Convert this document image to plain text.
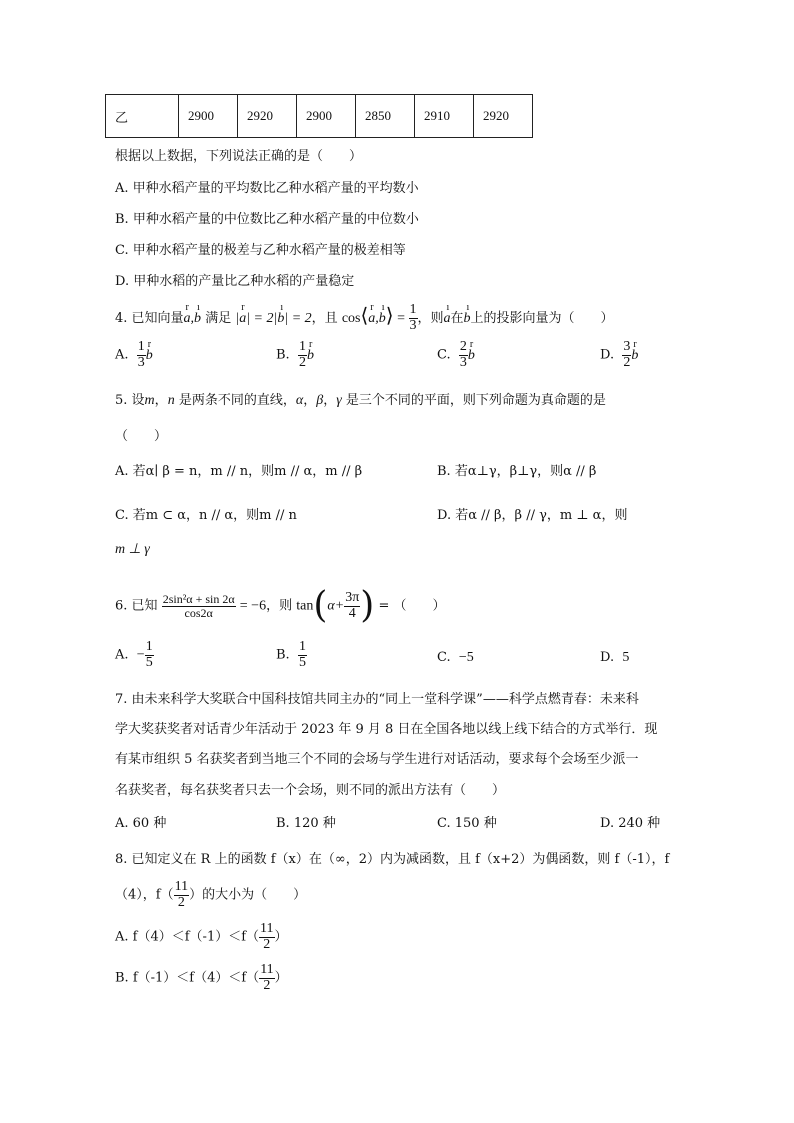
乙	2900	2920	2900	2850	2910	2920
根据以上数据，下列说法正确的是（　　）
A. 甲种水稻产量的平均数比乙种水稻产量的平均数小
B. 甲种水稻产量的中位数比乙种水稻产量的中位数小
C. 甲种水稻产量的极差与乙种水稻产量的极差相等
D. 甲种水稻的产量比乙种水稻的产量稳定
4. 已知向量r a,ı b 满足 |r a| = 2|ı b| = 2，且 cos⟨r a,ı b⟩ = $\frac{1}{3}$ ，则ı a在ı b上的投影向量为（　　）
A. $\frac{1}{3}$ r b	B. $\frac{1}{2}$ r b	C. $\frac{2}{3}$ r b	D. $\frac{3}{2}$ r b
5. 设m，n 是两条不同的直线，α，β，γ 是三个不同的平面，则下列命题为真命题的是
（　　）
A. 若α∣ β = n，m // n，则m // α，m // β	B. 若α⊥γ，β⊥γ，则α // β
C. 若m ⊂ α，n // α，则m // n	D. 若α // β，β // γ，m ⊥ α，则
m ⊥ γ
6. 已知 $\frac{\text{2sin²α + sin 2α}}{\cos 2\alpha} = -6$，则 $\tan(\alpha+ \frac{3\pi}{4}$ ) = （　　）
A. − $\frac{1}{5}$	B. $\frac{1}{5}$	C. −5	D. 5
7. 由未来科学大奖联合中国科技馆共同主办的“同上一堂科学课”——科学点燃青春：未来科
学大奖获奖者对话青少年活动于 2023 年 9 月 8 日在全国各地以线上线下结合的方式举行．现
有某市组织 5 名获奖者到当地三个不同的会场与学生进行对话活动，要求每个会场至少派一
名获奖者，每名获奖者只去一个会场，则不同的派出方法有（　　）
A. 60 种	B. 120 种	C. 150 种	D. 240 种
8. 已知定义在 R 上的函数 f（x）在（∞，2）内为减函数，且 f（x+2）为偶函数，则 f（-1），f
（4），$f( \frac{11}{2}$ ）的大小为（　　）
A. $f(4)<f(-1)<f( \frac{11}{2}$ ）
B. $f(-1)<f(4)<f( \frac{11}{2}$ ）
